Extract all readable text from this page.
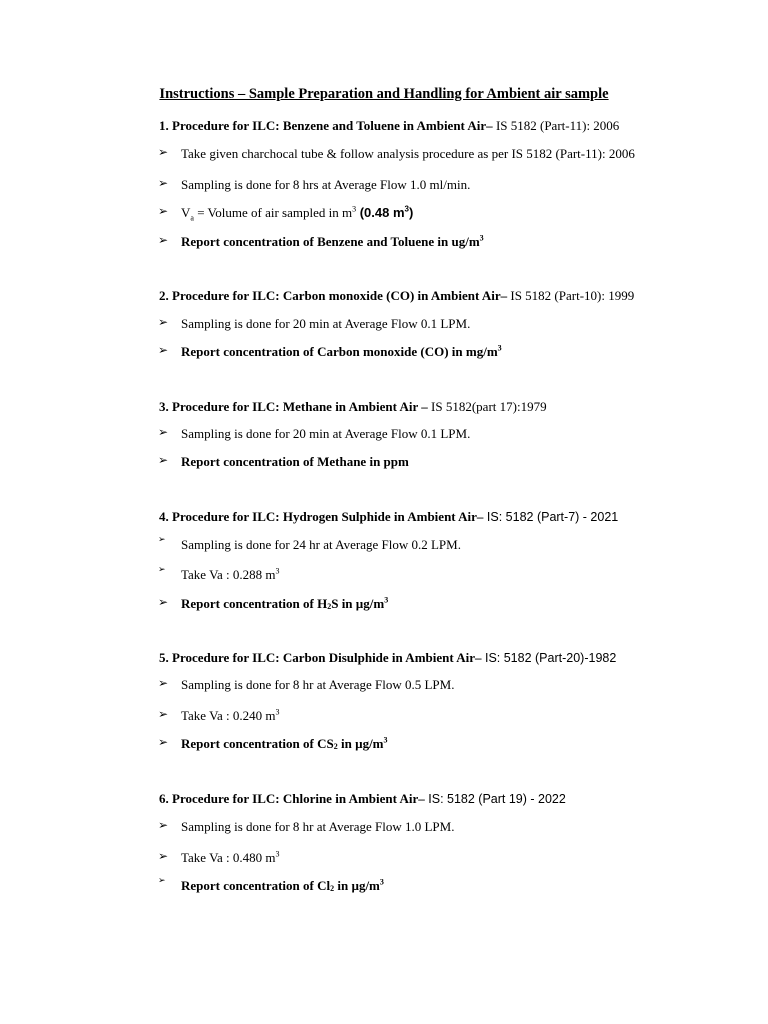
Instructions – Sample Preparation and Handling for Ambient air sample
1. Procedure for ILC: Benzene and Toluene in Ambient Air– IS 5182 (Part-11): 2006
➢ Take given charchocal tube & follow analysis procedure as per IS 5182 (Part-11): 2006
➢ Sampling is done for 8 hrs at Average Flow 1.0 ml/min.
➢ $V_a$ = Volume of air sampled in $m^3$ (0.48 $m^3$)
➢ Report concentration of Benzene and Toluene in $ug/m^3$
2. Procedure for ILC: Carbon monoxide (CO) in Ambient Air– IS 5182 (Part-10): 1999
➢ Sampling is done for 20 min at Average Flow 0.1 LPM.
➢ Report concentration of Carbon monoxide (CO) in $mg/m^3$
3. Procedure for ILC: Methane in Ambient Air – IS 5182(part 17):1979
➢ Sampling is done for 20 min at Average Flow 0.1 LPM.
➢ Report concentration of Methane in ppm
4. Procedure for ILC: Hydrogen Sulphide in Ambient Air– IS: 5182 (Part-7) - 2021
➢	Sampling is done for 24 hr at Average Flow 0.2 LPM.
➢	Take Va : 0.288 $m^3$
➢ Report concentration of H2S in $\mu g/m^3$
5. Procedure for ILC: Carbon Disulphide in Ambient Air– IS: 5182 (Part-20)-1982
➢ Sampling is done for 8 hr at Average Flow 0.5 LPM.
➢ Take Va : 0.240 $m^3$
➢ Report concentration of CS2 in $\mu g/m^3$
6. Procedure for ILC: Chlorine in Ambient Air– IS: 5182 (Part 19) - 2022
➢ Sampling is done for 8 hr at Average Flow 1.0 LPM.
➢ Take Va : 0.480 $m^3$
➢	Report concentration of Cl2 in $\mu g/m^3$
